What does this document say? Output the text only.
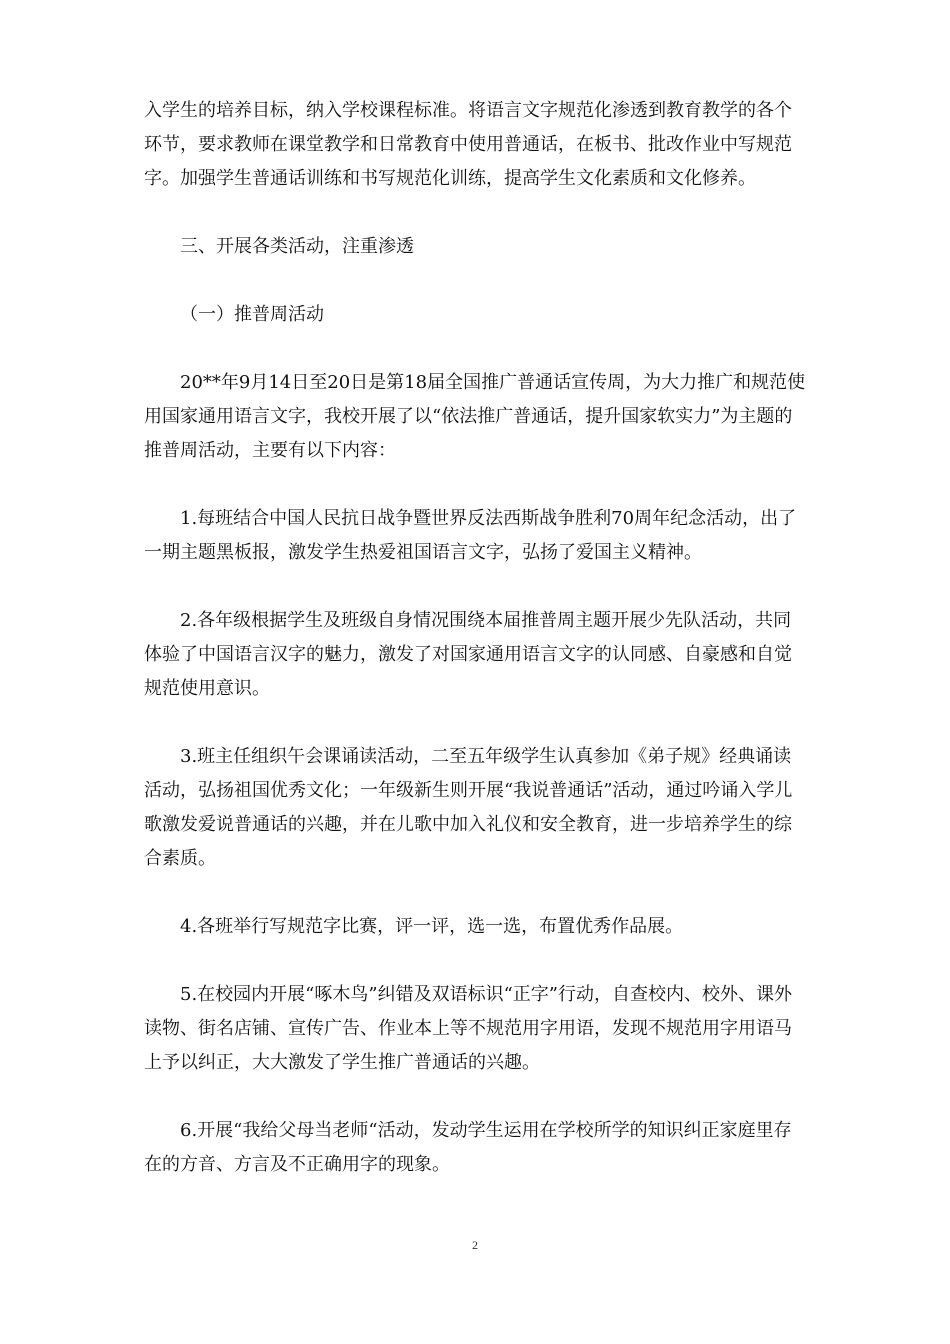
入学生的培养目标，纳入学校课程标准。将语言文字规范化渗透到教育教学的各个环节，要求教师在课堂教学和日常教育中使用普通话，在板书、批改作业中写规范字。加强学生普通话训练和书写规范化训练，提高学生文化素质和文化修养。

三、开展各类活动，注重渗透

（一）推普周活动

20**年9月14日至20日是第18届全国推广普通话宣传周，为大力推广和规范使用国家通用语言文字，我校开展了以“依法推广普通话，提升国家软实力”为主题的推普周活动，主要有以下内容：

1.每班结合中国人民抗日战争暨世界反法西斯战争胜利70周年纪念活动，出了一期主题黑板报，激发学生热爱祖国语言文字，弘扬了爱国主义精神。

2.各年级根据学生及班级自身情况围绕本届推普周主题开展少先队活动，共同体验了中国语言汉字的魅力，激发了对国家通用语言文字的认同感、自豪感和自觉规范使用意识。

3.班主任组织午会课诵读活动，二至五年级学生认真参加《弟子规》经典诵读活动，弘扬祖国优秀文化；一年级新生则开展“我说普通话”活动，通过吟诵入学儿歌激发爱说普通话的兴趣，并在儿歌中加入礼仪和安全教育，进一步培养学生的综合素质。

4.各班举行写规范字比赛，评一评，选一选，布置优秀作品展。

5.在校园内开展“啄木鸟”纠错及双语标识“正字”行动，自查校内、校外、课外读物、街名店铺、宣传广告、作业本上等不规范用字用语，发现不规范用字用语马上予以纠正，大大激发了学生推广普通话的兴趣。

6.开展“我给父母当老师“活动，发动学生运用在学校所学的知识纠正家庭里存在的方音、方言及不正确用字的现象。

2
